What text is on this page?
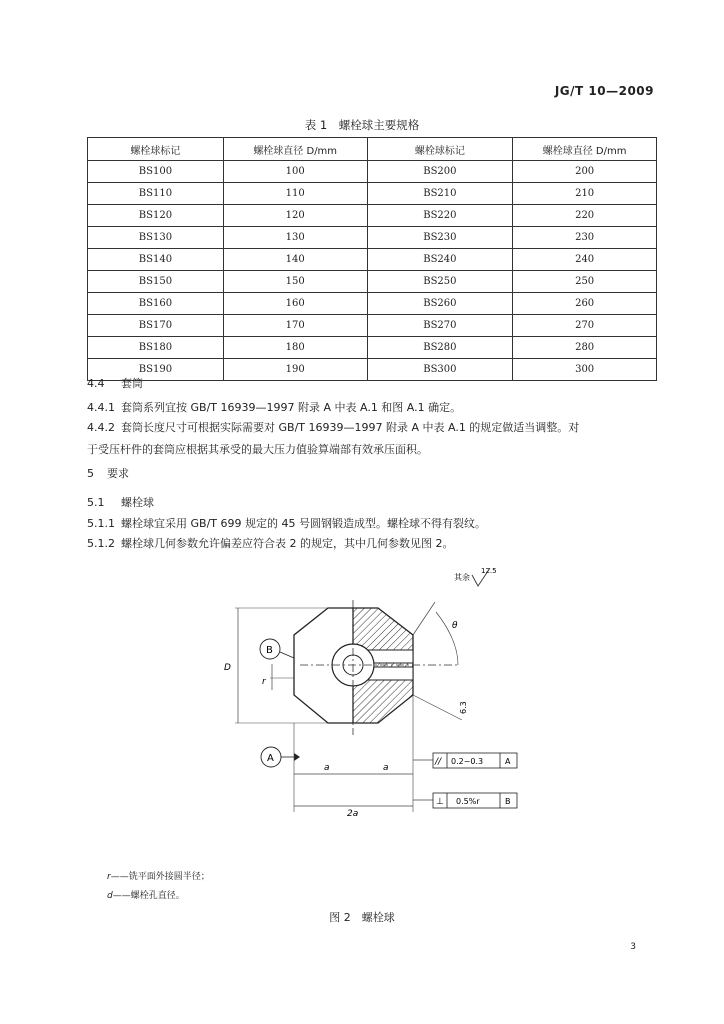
JG/T 10—2009
表 1　螺栓球主要规格
螺栓球标记	螺栓球直径 D/mm	螺栓球标记	螺栓球直径 D/mm
BS100	100	BS200	200
BS110	110	BS210	210
BS120	120	BS220	220
BS130	130	BS230	230
BS140	140	BS240	240
BS150	150	BS250	250
BS160	160	BS260	260
BS170	170	BS270	270
BS180	180	BS280	280
BS190	190	BS300	300
4.4 套筒
4.4.1 套筒系列宜按 GB/T 16939—1997 附录 A 中表 A.1 和图 A.1 确定。
4.4.2 套筒长度尺寸可根据实际需要对 GB/T 16939—1997 附录 A 中表 A.1 的规定做适当调整。对
于受压杆件的套筒应根据其承受的最大压力值验算端部有效承压面积。
5 要求
5.1 螺栓球
5.1.1 螺栓球宜采用 GB/T 699 规定的 45 号圆钢锻造成型。螺栓球不得有裂纹。
5.1.2 螺栓球几何参数允许偏差应符合表 2 的规定，其中几何参数见图 2。
其余
12.5
D
r
B
A
θ
6.3
a	a
2a
// 0.2~0.3	A
⊥ 0.5%r	B
r——铣平面外接圆半径；
d——螺栓孔直径。
图 2　螺栓球
3
